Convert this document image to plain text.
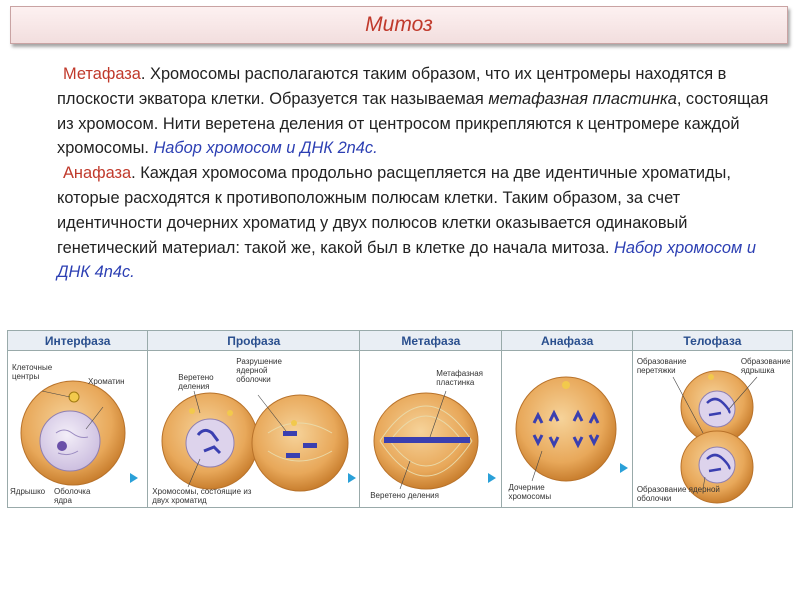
Митоз

Метафаза. Хромосомы располагаются таким образом, что их центромеры находятся в плоскости экватора клетки. Образуется так называемая метафазная пластинка, состоящая из хромосом. Нити веретена деления от центросом прикрепляются к центромере каждой хромосомы. Набор хромосом и ДНК 2n4c.

Анафаза. Каждая хромосома продольно расщепляется на две идентичные хроматиды, которые расходятся к противоположным полюсам клетки. Таким образом, за счет идентичности дочерних хроматид у двух полюсов клетки оказывается одинаковый генетический материал: такой же, какой был в клетке до начала митоза. Набор хромосом и ДНК 4n4c.

Интерфаза
Клеточные центры
Хроматин
Ядрышко Оболочка ядра
Профаза
Веретено деления
Разрушение ядерной оболочки
Хромосомы, состоящие из двух хроматид
Метафаза
Метафазная пластинка
Веретено деления
Анафаза
Дочерние хромосомы
Телофаза
Образование перетяжки
Образование ядрышка
Образование ядерной оболочки
